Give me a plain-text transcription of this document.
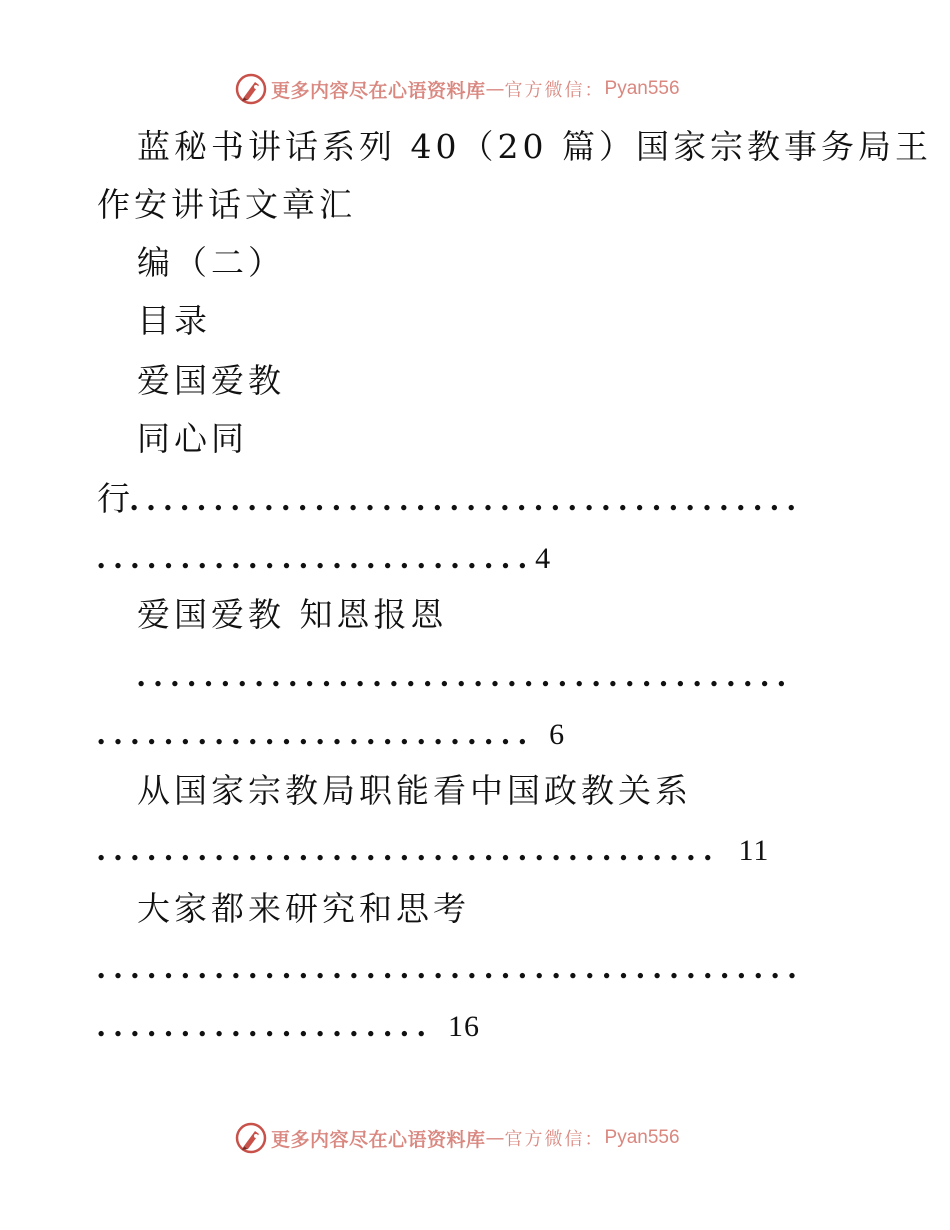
更多内容尽在心语资料库 — 官方微信： Pyan556
蓝秘书讲话系列 40（20 篇）国家宗教事务局王
作安讲话文章汇
编（二）
目录
爱国爱教
同心同
行........................................
..........................4
爱国爱教 知恩报恩
.......................................
.......................... 6
从国家宗教局职能看中国政教关系
..................................... 11
大家都来研究和思考
..........................................
.................... 16
更多内容尽在心语资料库 — 官方微信： Pyan556
